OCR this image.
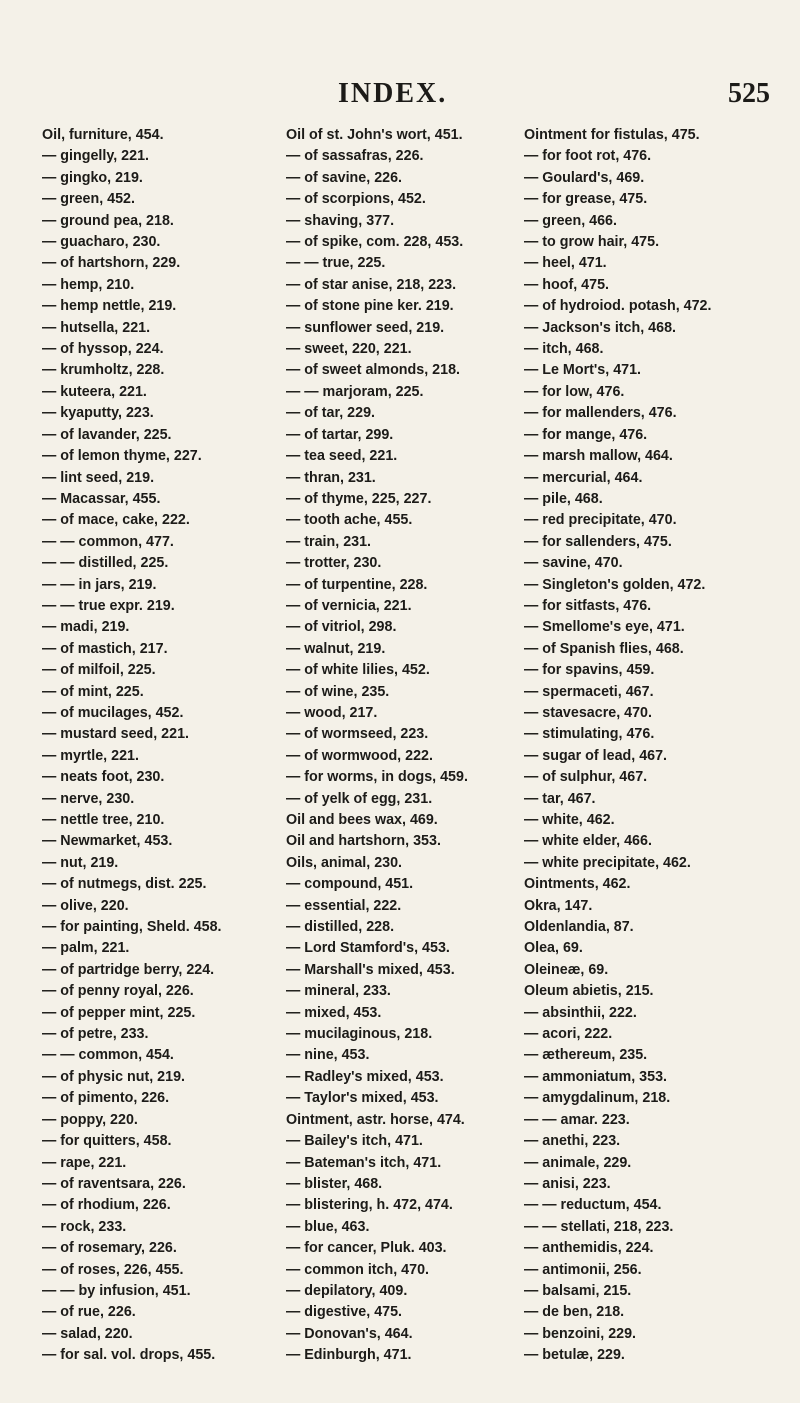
INDEX.	525
Oil, furniture, 454.
— gingelly, 221.
— gingko, 219.
— green, 452.
— ground pea, 218.
— guacharo, 230.
— of hartshorn, 229.
— hemp, 210.
— hemp nettle, 219.
— hutsella, 221.
— of hyssop, 224.
— krumholtz, 228.
— kuteera, 221.
— kyaputty, 223.
— of lavander, 225.
— of lemon thyme, 227.
— lint seed, 219.
— Macassar, 455.
— of mace, cake, 222.
— — common, 477.
— — distilled, 225.
— — in jars, 219.
— — true expr. 219.
— madi, 219.
— of mastich, 217.
— of milfoil, 225.
— of mint, 225.
— of mucilages, 452.
— mustard seed, 221.
— myrtle, 221.
— neats foot, 230.
— nerve, 230.
— nettle tree, 210.
— Newmarket, 453.
— nut, 219.
— of nutmegs, dist. 225.
— olive, 220.
— for painting, Sheld. 458.
— palm, 221.
— of partridge berry, 224.
— of penny royal, 226.
— of pepper mint, 225.
— of petre, 233.
— — common, 454.
— of physic nut, 219.
— of pimento, 226.
— poppy, 220.
— for quitters, 458.
— rape, 221.
— of raventsara, 226.
— of rhodium, 226.
— rock, 233.
— of rosemary, 226.
— of roses, 226, 455.
— — by infusion, 451.
— of rue, 226.
— salad, 220.
— for sal. vol. drops, 455.
Oil of st. John's wort, 451.
— of sassafras, 226.
— of savine, 226.
— of scorpions, 452.
— shaving, 377.
— of spike, com. 228, 453.
— — true, 225.
— of star anise, 218, 223.
— of stone pine ker. 219.
— sunflower seed, 219.
— sweet, 220, 221.
— of sweet almonds, 218.
— — marjoram, 225.
— of tar, 229.
— of tartar, 299.
— tea seed, 221.
— thran, 231.
— of thyme, 225, 227.
— tooth ache, 455.
— train, 231.
— trotter, 230.
— of turpentine, 228.
— of vernicia, 221.
— of vitriol, 298.
— walnut, 219.
— of white lilies, 452.
— of wine, 235.
— wood, 217.
— of wormseed, 223.
— of wormwood, 222.
— for worms, in dogs, 459.
— of yelk of egg, 231.
Oil and bees wax, 469.
Oil and hartshorn, 353.
Oils, animal, 230.
— compound, 451.
— essential, 222.
— distilled, 228.
— Lord Stamford's, 453.
— Marshall's mixed, 453.
— mineral, 233.
— mixed, 453.
— mucilaginous, 218.
— nine, 453.
— Radley's mixed, 453.
— Taylor's mixed, 453.
Ointment, astr. horse, 474.
— Bailey's itch, 471.
— Bateman's itch, 471.
— blister, 468.
— blistering, h. 472, 474.
— blue, 463.
— for cancer, Pluk. 403.
— common itch, 470.
— depilatory, 409.
— digestive, 475.
— Donovan's, 464.
— Edinburgh, 471.
Ointment for fistulas, 475.
— for foot rot, 476.
— Goulard's, 469.
— for grease, 475.
— green, 466.
— to grow hair, 475.
— heel, 471.
— hoof, 475.
— of hydroiod. potash, 472.
— Jackson's itch, 468.
— itch, 468.
— Le Mort's, 471.
— for low, 476.
— for mallenders, 476.
— for mange, 476.
— marsh mallow, 464.
— mercurial, 464.
— pile, 468.
— red precipitate, 470.
— for sallenders, 475.
— savine, 470.
— Singleton's golden, 472.
— for sitfasts, 476.
— Smellome's eye, 471.
— of Spanish flies, 468.
— for spavins, 459.
— spermaceti, 467.
— stavesacre, 470.
— stimulating, 476.
— sugar of lead, 467.
— of sulphur, 467.
— tar, 467.
— white, 462.
— white elder, 466.
— white precipitate, 462.
Ointments, 462.
Okra, 147.
Oldenlandia, 87.
Olea, 69.
Oleineæ, 69.
Oleum abietis, 215.
— absinthii, 222.
— acori, 222.
— æthereum, 235.
— ammoniatum, 353.
— amygdalinum, 218.
— — amar. 223.
— anethi, 223.
— animale, 229.
— anisi, 223.
— — reductum, 454.
— — stellati, 218, 223.
— anthemidis, 224.
— antimonii, 256.
— balsami, 215.
— de ben, 218.
— benzoini, 229.
— betulæ, 229.
